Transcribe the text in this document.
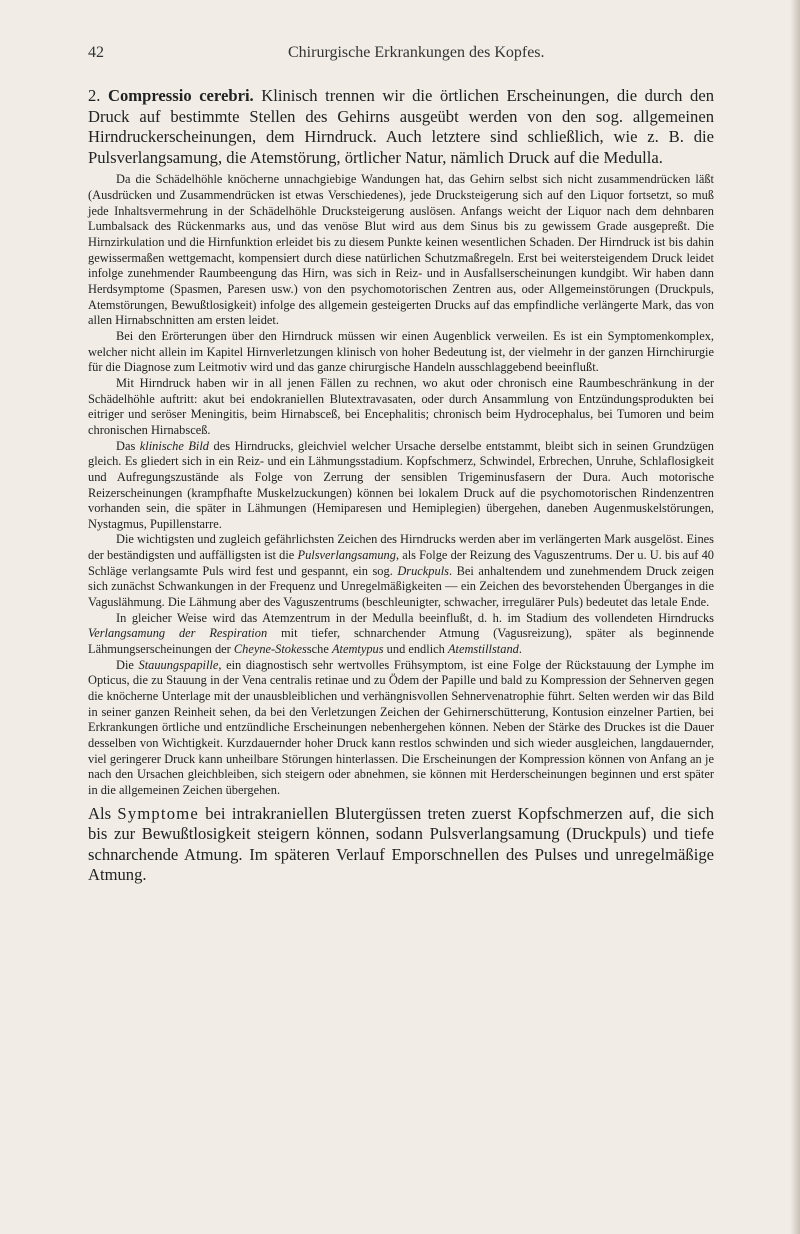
42	Chirurgische Erkrankungen des Kopfes.

2. Compressio cerebri. Klinisch trennen wir die örtlichen Erscheinungen, die durch den Druck auf bestimmte Stellen des Gehirns ausgeübt werden von den sog. allgemeinen Hirndruckerscheinungen, dem Hirndruck. Auch letztere sind schließlich, wie z. B. die Pulsverlangsamung, die Atemstörung, örtlicher Natur, nämlich Druck auf die Medulla.

Da die Schädelhöhle knöcherne unnachgiebige Wandungen hat, das Gehirn selbst sich nicht zusammendrücken läßt (Ausdrücken und Zusammendrücken ist etwas Verschiedenes), jede Drucksteigerung sich auf den Liquor fortsetzt, so muß jede Inhaltsvermehrung in der Schädelhöhle Drucksteigerung auslösen. Anfangs weicht der Liquor nach dem dehnbaren Lumbalsack des Rückenmarks aus, und das venöse Blut wird aus dem Sinus bis zu gewissem Grade ausgepreßt. Die Hirnzirkulation und die Hirnfunktion erleidet bis zu diesem Punkte keinen wesentlichen Schaden. Der Hirndruck ist bis dahin gewissermaßen wettgemacht, kompensiert durch diese natürlichen Schutzmaßregeln. Erst bei weitersteigendem Druck leidet infolge zunehmender Raumbeengung das Hirn, was sich in Reiz- und in Ausfallserscheinungen kundgibt. Wir haben dann Herdsymptome (Spasmen, Paresen usw.) von den psychomotorischen Zentren aus, oder Allgemeinstörungen (Druckpuls, Atemstörungen, Bewußtlosigkeit) infolge des allgemein gesteigerten Drucks auf das empfindliche verlängerte Mark, das von allen Hirnabschnitten am ersten leidet.

Bei den Erörterungen über den Hirndruck müssen wir einen Augenblick verweilen. Es ist ein Symptomenkomplex, welcher nicht allein im Kapitel Hirnverletzungen klinisch von hoher Bedeutung ist, der vielmehr in der ganzen Hirnchirurgie für die Diagnose zum Leitmotiv wird und das ganze chirurgische Handeln ausschlaggebend beeinflußt.

Mit Hirndruck haben wir in all jenen Fällen zu rechnen, wo akut oder chronisch eine Raumbeschränkung in der Schädelhöhle auftritt: akut bei endokraniellen Blutextravasaten, oder durch Ansammlung von Entzündungsprodukten bei eitriger und seröser Meningitis, beim Hirnabsceß, bei Encephalitis; chronisch beim Hydrocephalus, bei Tumoren und beim chronischen Hirnabsceß.

Das klinische Bild des Hirndrucks, gleichviel welcher Ursache derselbe entstammt, bleibt sich in seinen Grundzügen gleich. Es gliedert sich in ein Reiz- und ein Lähmungsstadium. Kopfschmerz, Schwindel, Erbrechen, Unruhe, Schlaflosigkeit und Aufregungszustände als Folge von Zerrung der sensiblen Trigeminusfasern der Dura. Auch motorische Reizerscheinungen (krampfhafte Muskelzuckungen) können bei lokalem Druck auf die psychomotorischen Rindenzentren vorhanden sein, die später in Lähmungen (Hemiparesen und Hemiplegien) übergehen, daneben Augenmuskelstörungen, Nystagmus, Pupillenstarre.

Die wichtigsten und zugleich gefährlichsten Zeichen des Hirndrucks werden aber im verlängerten Mark ausgelöst. Eines der beständigsten und auffälligsten ist die Pulsverlangsamung, als Folge der Reizung des Vaguszentrums. Der u. U. bis auf 40 Schläge verlangsamte Puls wird fest und gespannt, ein sog. Druckpuls. Bei anhaltendem und zunehmendem Druck zeigen sich zunächst Schwankungen in der Frequenz und Unregelmäßigkeiten — ein Zeichen des bevorstehenden Überganges in die Vaguslähmung. Die Lähmung aber des Vaguszentrums (beschleunigter, schwacher, irregulärer Puls) bedeutet das letale Ende.

In gleicher Weise wird das Atemzentrum in der Medulla beeinflußt, d. h. im Stadium des vollendeten Hirndrucks Verlangsamung der Respiration mit tiefer, schnarchender Atmung (Vagusreizung), später als beginnende Lähmungserscheinungen der Cheyne-Stokessche Atemtypus und endlich Atemstillstand.

Die Stauungspapille, ein diagnostisch sehr wertvolles Frühsymptom, ist eine Folge der Rückstauung der Lymphe im Opticus, die zu Stauung in der Vena centralis retinae und zu Ödem der Papille und bald zu Kompression der Sehnerven gegen die knöcherne Unterlage mit der unausbleiblichen und verhängnisvollen Sehnervenatrophie führt. Selten werden wir das Bild in seiner ganzen Reinheit sehen, da bei den Verletzungen Zeichen der Gehirnerschütterung, Kontusion einzelner Partien, bei Erkrankungen örtliche und entzündliche Erscheinungen nebenhergehen können. Neben der Stärke des Druckes ist die Dauer desselben von Wichtigkeit. Kurzdauernder hoher Druck kann restlos schwinden und sich wieder ausgleichen, langdauernder, viel geringerer Druck kann unheilbare Störungen hinterlassen. Die Erscheinungen der Kompression können von Anfang an je nach den Ursachen gleichbleiben, sich steigern oder abnehmen, sie können mit Herderscheinungen beginnen und erst später in die allgemeinen Zeichen übergehen.

Als Symptome bei intrakraniellen Blutergüssen treten zuerst Kopfschmerzen auf, die sich bis zur Bewußtlosigkeit steigern können, sodann Pulsverlangsamung (Druckpuls) und tiefe schnarchende Atmung. Im späteren Verlauf Emporschnellen des Pulses und unregelmäßige Atmung.
